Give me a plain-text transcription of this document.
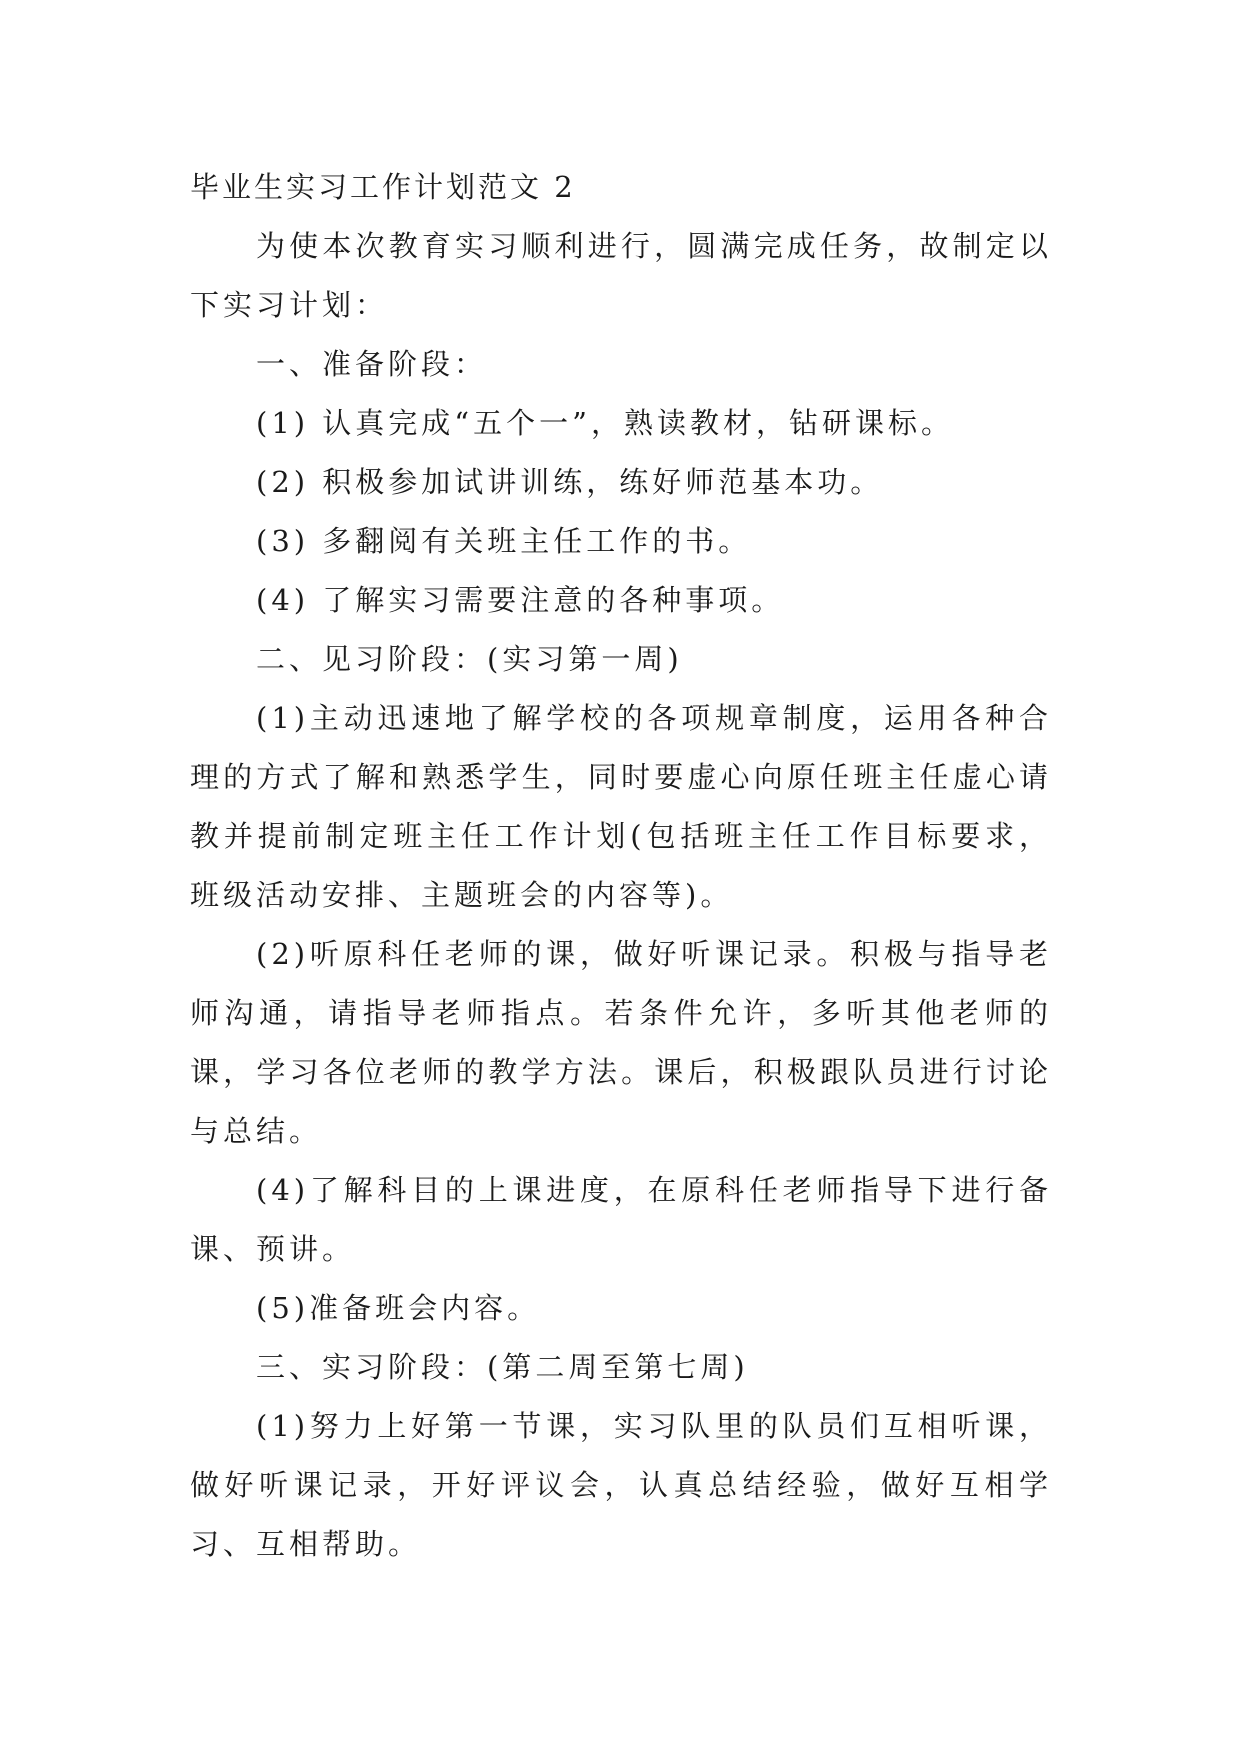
毕业生实习工作计划范文 2

为使本次教育实习顺利进行，圆满完成任务，故制定以下实习计划：

一、准备阶段：

(1) 认真完成“五个一”，熟读教材，钻研课标。

(2) 积极参加试讲训练，练好师范基本功。

(3) 多翻阅有关班主任工作的书。

(4) 了解实习需要注意的各种事项。

二、见习阶段：(实习第一周)

(1)主动迅速地了解学校的各项规章制度，运用各种合理的方式了解和熟悉学生，同时要虚心向原任班主任虚心请教并提前制定班主任工作计划(包括班主任工作目标要求，班级活动安排、主题班会的内容等)。

(2)听原科任老师的课，做好听课记录。积极与指导老师沟通，请指导老师指点。若条件允许，多听其他老师的课，学习各位老师的教学方法。课后，积极跟队员进行讨论与总结。

(4)了解科目的上课进度，在原科任老师指导下进行备课、预讲。

(5)准备班会内容。

三、实习阶段：(第二周至第七周)

(1)努力上好第一节课，实习队里的队员们互相听课，做好听课记录，开好评议会，认真总结经验，做好互相学习、互相帮助。
